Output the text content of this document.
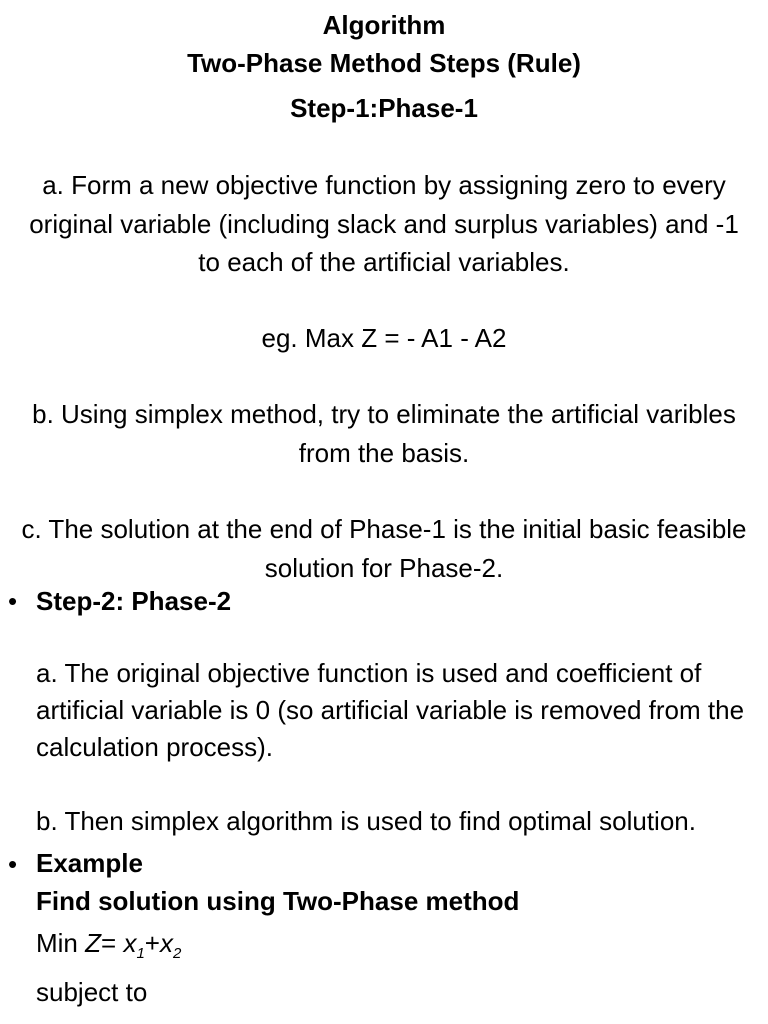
Algorithm
Two-Phase Method Steps (Rule)
Step-1:Phase-1
a. Form a new objective function by assigning zero to every original variable (including slack and surplus variables) and -1 to each of the artificial variables.
eg. Max Z = - A1 - A2
b. Using simplex method, try to eliminate the artificial varibles from the basis.
c. The solution at the end of Phase-1 is the initial basic feasible solution for Phase-2.
• Step-2: Phase-2
a. The original objective function is used and coefficient of artificial variable is 0 (so artificial variable is removed from the calculation process).
b. Then simplex algorithm is used to find optimal solution.
• Example
Find solution using Two-Phase method
Min $Z= x_1+x_2$
subject to
